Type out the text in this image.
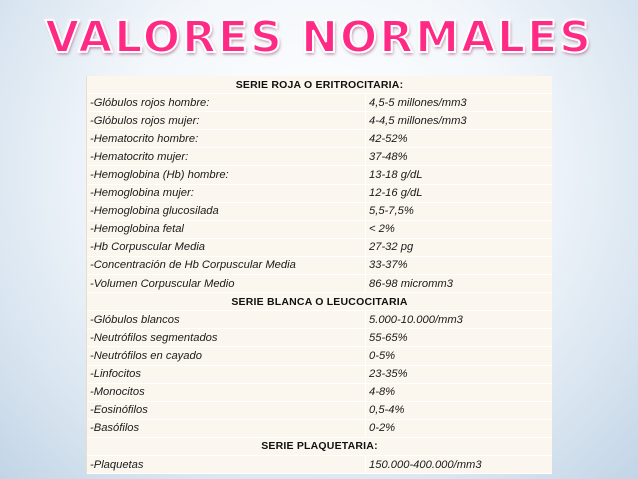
VALORES NORMALES
SERIE ROJA O ERITROCITARIA:
-Glóbulos rojos hombre:	4,5-5 millones/mm3
-Glóbulos rojos mujer:	4-4,5 millones/mm3
-Hematocrito hombre:	42-52%
-Hematocrito mujer:	37-48%
-Hemoglobina (Hb) hombre:	13-18 g/dL
-Hemoglobina mujer:	12-16 g/dL
-Hemoglobina glucosilada	5,5-7,5%
-Hemoglobina fetal	< 2%
-Hb Corpuscular Media	27-32 pg
-Concentración de Hb Corpuscular Media	33-37%
-Volumen Corpuscular Medio	86-98 micromm3
SERIE BLANCA O LEUCOCITARIA
-Glóbulos blancos	5.000-10.000/mm3
-Neutrófilos segmentados	55-65%
-Neutrófilos en cayado	0-5%
-Linfocitos	23-35%
-Monocitos	4-8%
-Eosinófilos	0,5-4%
-Basófilos	0-2%
SERIE PLAQUETARIA:
-Plaquetas	150.000-400.000/mm3
